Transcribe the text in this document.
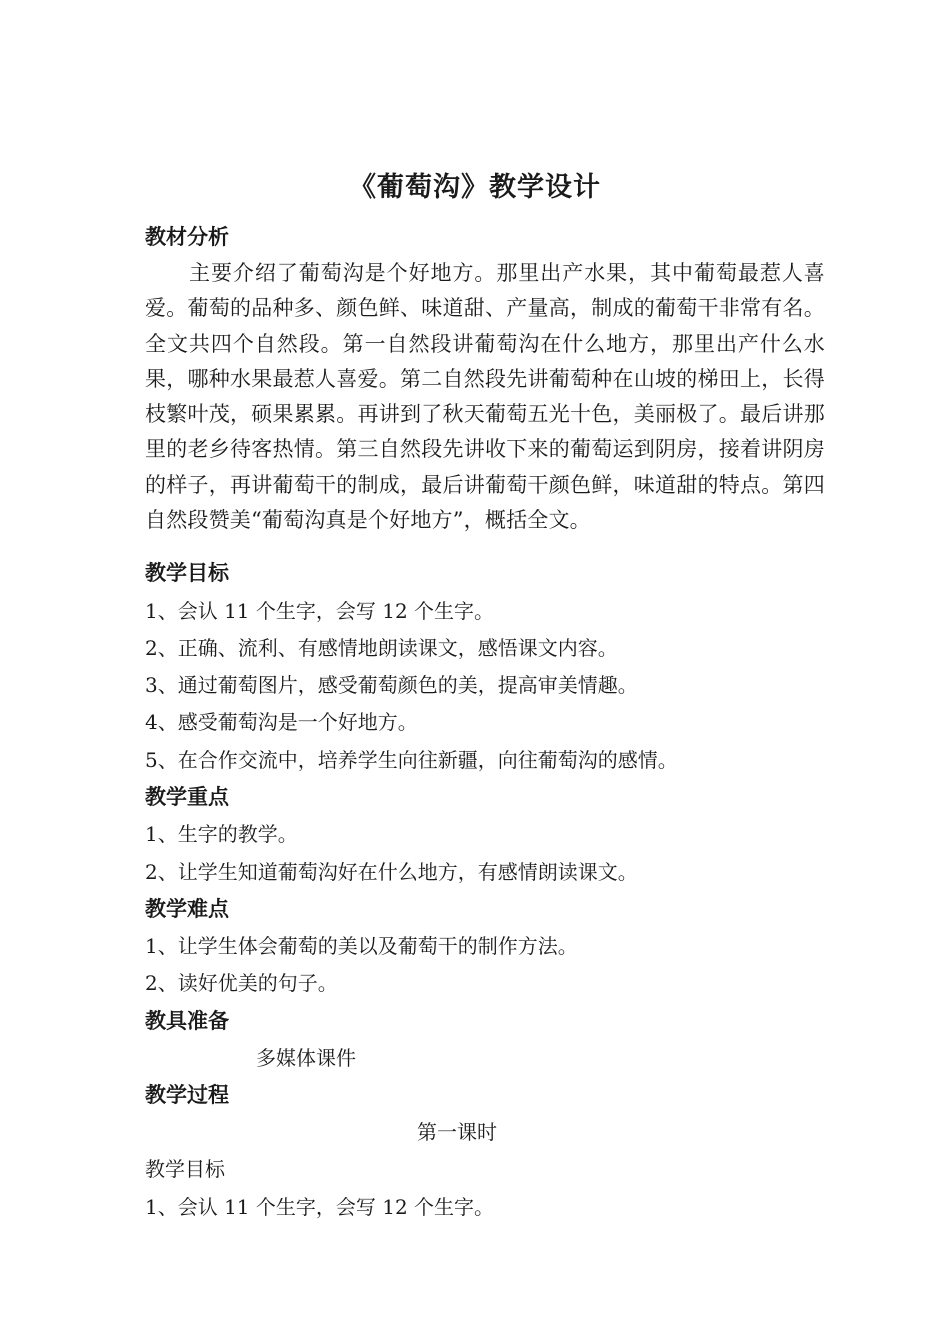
《葡萄沟》教学设计
教材分析
主要介绍了葡萄沟是个好地方。那里出产水果，其中葡萄最惹人喜爱。葡萄的品种多、颜色鲜、味道甜、产量高，制成的葡萄干非常有名。全文共四个自然段。第一自然段讲葡萄沟在什么地方，那里出产什么水果，哪种水果最惹人喜爱。第二自然段先讲葡萄种在山坡的梯田上，长得枝繁叶茂，硕果累累。再讲到了秋天葡萄五光十色，美丽极了。最后讲那里的老乡待客热情。第三自然段先讲收下来的葡萄运到阴房，接着讲阴房的样子，再讲葡萄干的制成，最后讲葡萄干颜色鲜，味道甜的特点。第四自然段赞美“葡萄沟真是个好地方”，概括全文。
教学目标
1、会认 11 个生字，会写 12 个生字。
2、正确、流利、有感情地朗读课文，感悟课文内容。
3、通过葡萄图片，感受葡萄颜色的美，提高审美情趣。
4、感受葡萄沟是一个好地方。
5、在合作交流中，培养学生向往新疆，向往葡萄沟的感情。
教学重点
1、生字的教学。
2、让学生知道葡萄沟好在什么地方，有感情朗读课文。
教学难点
1、让学生体会葡萄的美以及葡萄干的制作方法。
2、读好优美的句子。
教具准备
多媒体课件
教学过程
第一课时
教学目标
1、会认 11 个生字，会写 12 个生字。
